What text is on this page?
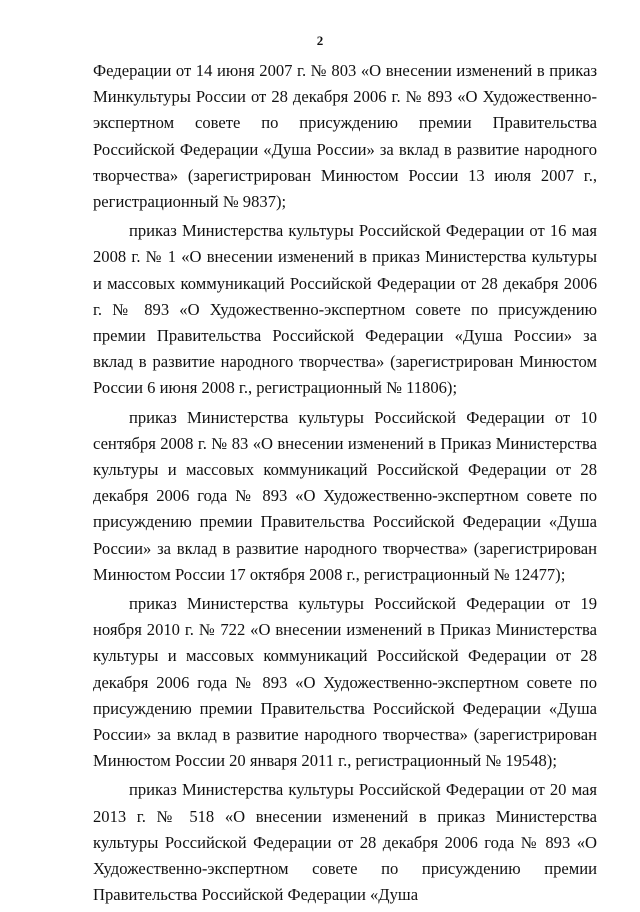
2

Федерации от 14 июня 2007 г. № 803 «О внесении изменений в приказ Минкультуры России от 28 декабря 2006 г. № 893 «О Художественно-экспертном совете по присуждению премии Правительства Российской Федерации «Душа России» за вклад в развитие народного творчества» (зарегистрирован Минюстом России 13 июля 2007 г., регистрационный № 9837);

приказ Министерства культуры Российской Федерации от 16 мая 2008 г. № 1 «О внесении изменений в приказ Министерства культуры и массовых коммуникаций Российской Федерации от 28 декабря 2006 г. № 893 «О Художественно-экспертном совете по присуждению премии Правительства Российской Федерации «Душа России» за вклад в развитие народного творчества» (зарегистрирован Минюстом России 6 июня 2008 г., регистрационный № 11806);

приказ Министерства культуры Российской Федерации от 10 сентября 2008 г. № 83 «О внесении изменений в Приказ Министерства культуры и массовых коммуникаций Российской Федерации от 28 декабря 2006 года № 893 «О Художественно-экспертном совете по присуждению премии Правительства Российской Федерации «Душа России» за вклад в развитие народного творчества» (зарегистрирован Минюстом России 17 октября 2008 г., регистрационный № 12477);

приказ Министерства культуры Российской Федерации от 19 ноября 2010 г. № 722 «О внесении изменений в Приказ Министерства культуры и массовых коммуникаций Российской Федерации от 28 декабря 2006 года № 893 «О Художественно-экспертном совете по присуждению премии Правительства Российской Федерации «Душа России» за вклад в развитие народного творчества» (зарегистрирован Минюстом России 20 января 2011 г., регистрационный № 19548);

приказ Министерства культуры Российской Федерации от 20 мая 2013 г. № 518 «О внесении изменений в приказ Министерства культуры Российской Федерации от 28 декабря 2006 года № 893 «О Художественно-экспертном совете по присуждению премии Правительства Российской Федерации «Душа
